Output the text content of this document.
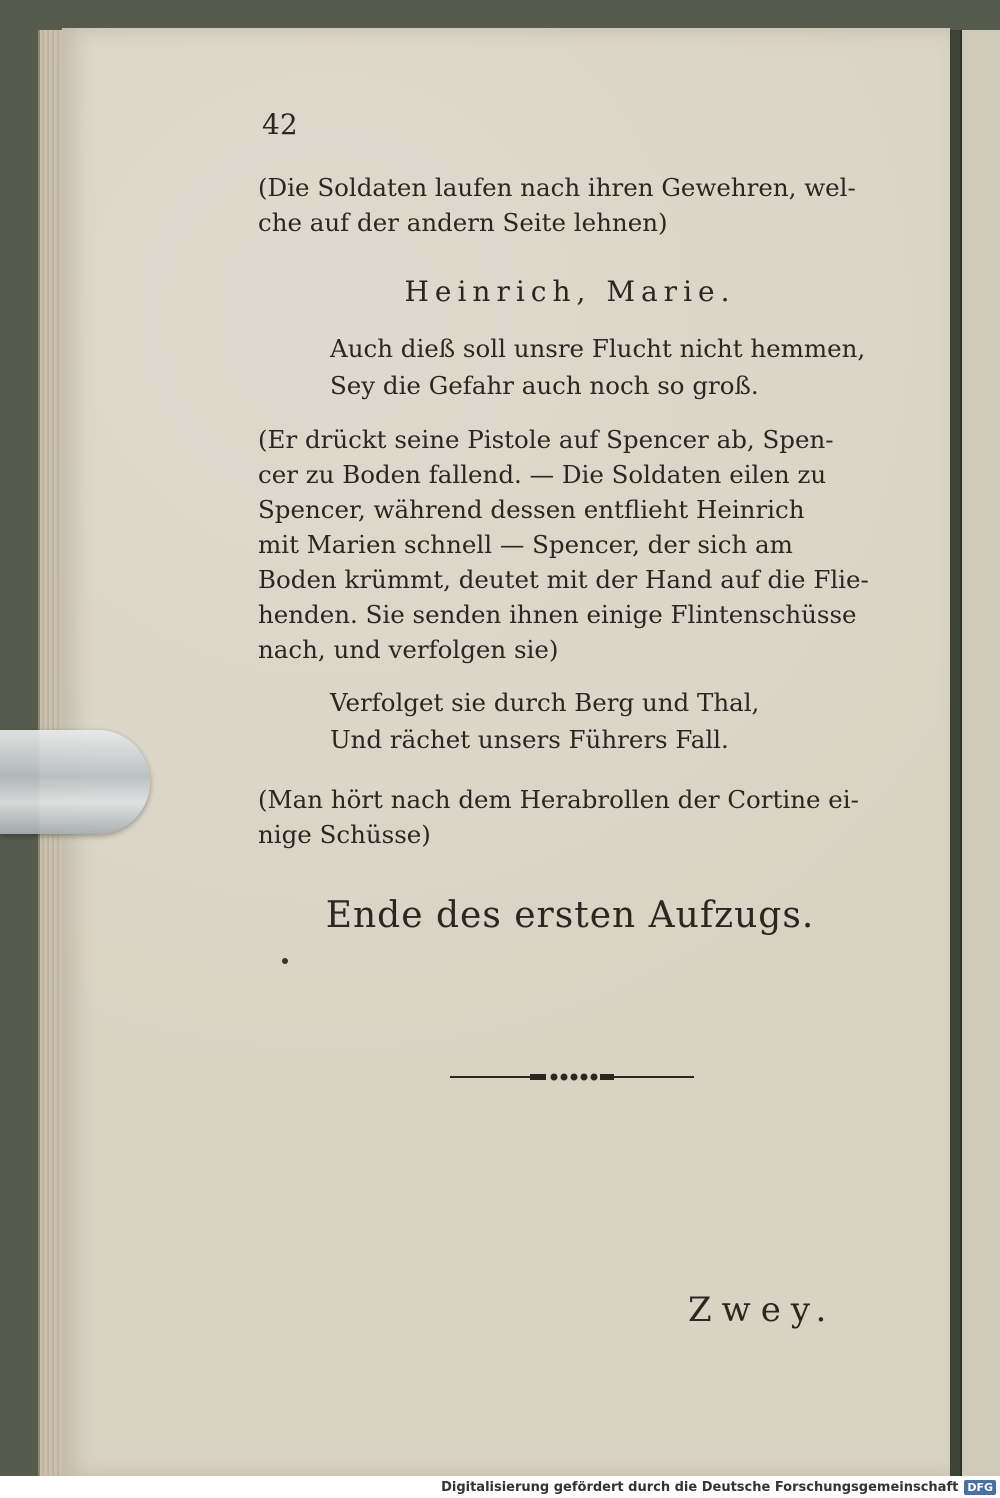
42
(Die Soldaten laufen nach ihren Gewehren, wel-
che auf der andern Seite lehnen)
Heinrich, Marie.
Auch dieß soll unsre Flucht nicht hemmen,
Sey die Gefahr auch noch so groß.
(Er drückt seine Pistole auf Spencer ab, Spen-
cer zu Boden fallend. — Die Soldaten eilen zu
Spencer, während dessen entflieht Heinrich
mit Marien schnell — Spencer, der sich am
Boden krümmt, deutet mit der Hand auf die Flie-
henden. Sie senden ihnen einige Flintenschüsse
nach, und verfolgen sie)
Verfolget sie durch Berg und Thal,
Und rächet unsers Führers Fall.
(Man hört nach dem Herabrollen der Cortine ei-
nige Schüsse)
Ende des ersten Aufzugs.
Zwey.
Digitalisierung gefördert durch die Deutsche Forschungsgemeinschaft DFG
